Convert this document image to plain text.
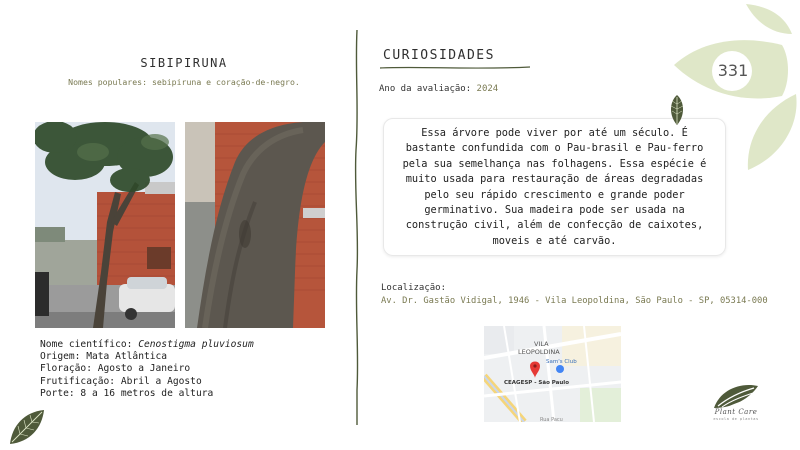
SIBIPIRUNA
Nomes populares: sebipiruna e coração-de-negro.
Nome científico: Cenostigma pluviosum
Origem: Mata Atlântica
Floração: Agosto a Janeiro
Frutificação: Abril a Agosto
Porte: 8 a 16 metros de altura
CURIOSIDADES
Ano da avaliação: 2024
Essa árvore pode viver por até um século. É bastante confundida com o Pau-brasil e Pau-ferro pela sua semelhança nas folhagens. Essa espécie é muito usada para restauração de áreas degradadas pelo seu rápido crescimento e grande poder germinativo. Sua madeira pode ser usada na construção civil, além de confecção de caixotes, moveis e até carvão.
Localização:
Av. Dr. Gastão Vidigal, 1946 - Vila Leopoldina, São Paulo - SP, 05314-000
VILA
LEOPOLDINA
Sam's Club
CEAGESP - São Paulo
Rua Pacu
331
Plant Care
escola de plantas
